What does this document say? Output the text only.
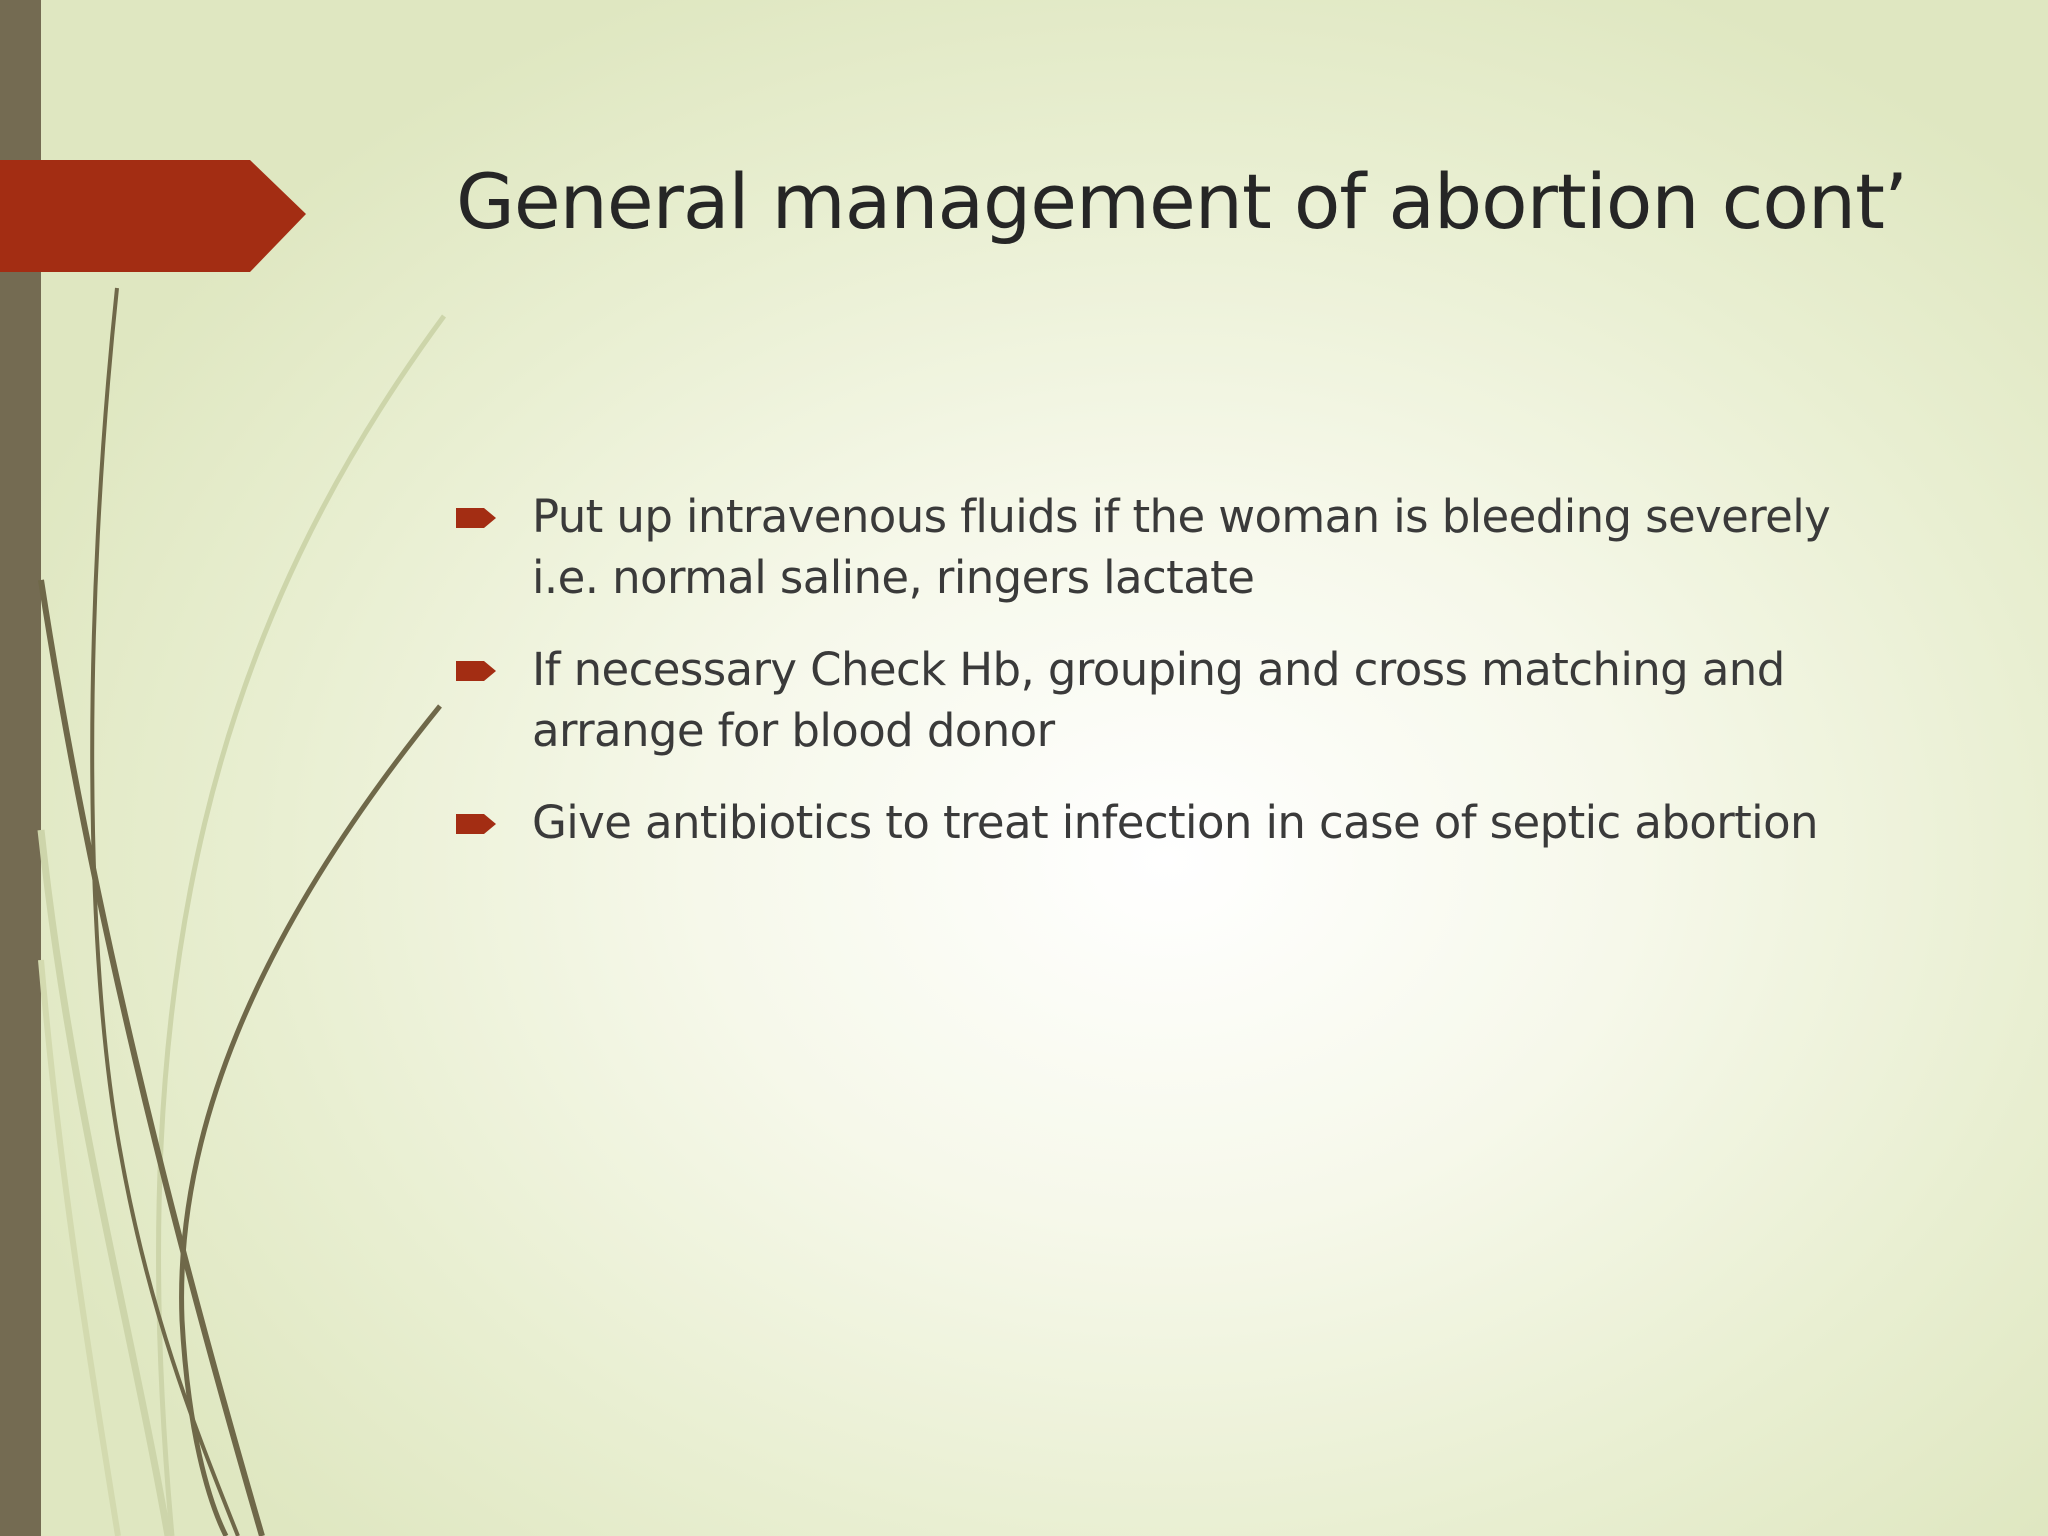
General management of abortion cont’
Put up intravenous fluids if the woman is bleeding severely i.e. normal saline, ringers lactate
If necessary Check Hb, grouping and cross matching and arrange for blood donor
Give antibiotics to treat infection in case of septic abortion
